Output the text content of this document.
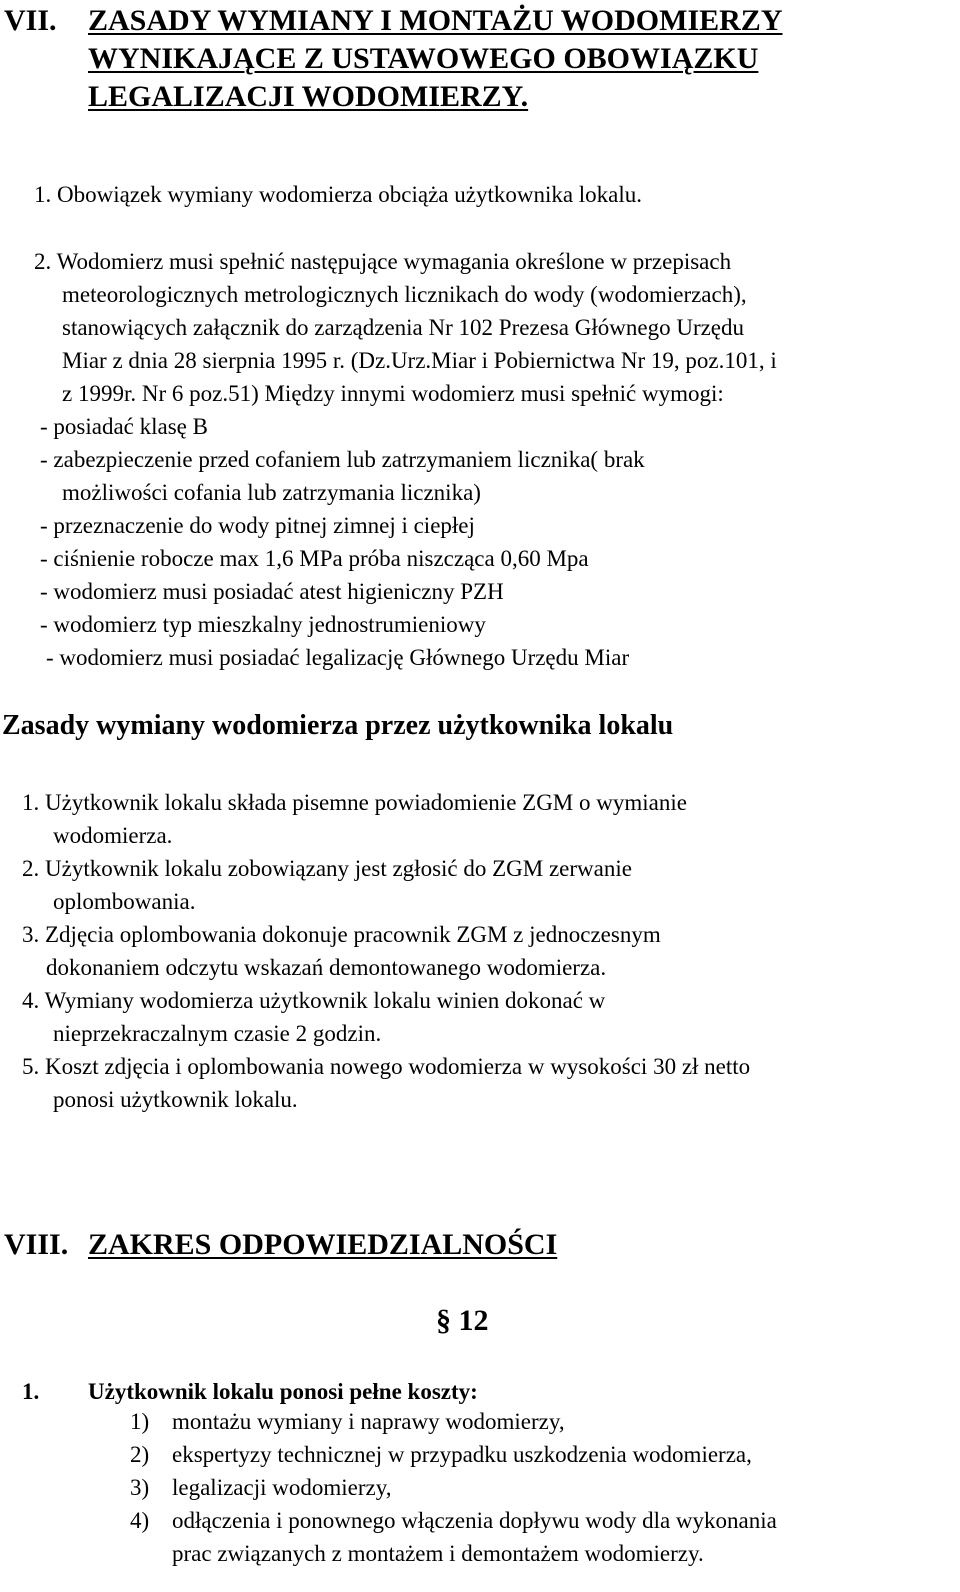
VII. ZASADY WYMIANY I MONTAŻU WODOMIERZY
WYNIKAJĄCE Z USTAWOWEGO OBOWIĄZKU
LEGALIZACJI WODOMIERZY.
1. Obowiązek wymiany wodomierza obciąża użytkownika lokalu.
2. Wodomierz musi spełnić następujące wymagania określone w przepisach
meteorologicznych metrologicznych licznikach do wody (wodomierzach),
stanowiących załącznik do zarządzenia Nr 102 Prezesa Głównego Urzędu
Miar z dnia 28 sierpnia 1995 r. (Dz.Urz.Miar i Pobiernictwa Nr 19, poz.101, i
z 1999r. Nr 6 poz.51) Między innymi wodomierz musi spełnić wymogi:
- posiadać klasę B
- zabezpieczenie przed cofaniem lub zatrzymaniem licznika( brak
możliwości cofania lub zatrzymania licznika)
- przeznaczenie do wody pitnej zimnej i ciepłej
- ciśnienie robocze max 1,6 MPa próba niszcząca 0,60 Mpa
- wodomierz musi posiadać atest higieniczny PZH
- wodomierz typ mieszkalny jednostrumieniowy
- wodomierz musi posiadać legalizację Głównego Urzędu Miar
Zasady wymiany wodomierza przez użytkownika lokalu
1. Użytkownik lokalu składa pisemne powiadomienie ZGM o wymianie
wodomierza.
2. Użytkownik lokalu zobowiązany jest zgłosić do ZGM zerwanie
oplombowania.
3. Zdjęcia oplombowania dokonuje pracownik ZGM z jednoczesnym
dokonaniem odczytu wskazań demontowanego wodomierza.
4. Wymiany wodomierza użytkownik lokalu winien dokonać w
nieprzekraczalnym czasie 2 godzin.
5. Koszt zdjęcia i oplombowania nowego wodomierza w wysokości 30 zł netto
ponosi użytkownik lokalu.
VIII. ZAKRES ODPOWIEDZIALNOŚCI
§ 12
1. Użytkownik lokalu ponosi pełne koszty:
1) montażu wymiany i naprawy wodomierzy,
2) ekspertyzy technicznej w przypadku uszkodzenia wodomierza,
3) legalizacji wodomierzy,
4) odłączenia i ponownego włączenia dopływu wody dla wykonania
prac związanych z montażem i demontażem wodomierzy.
